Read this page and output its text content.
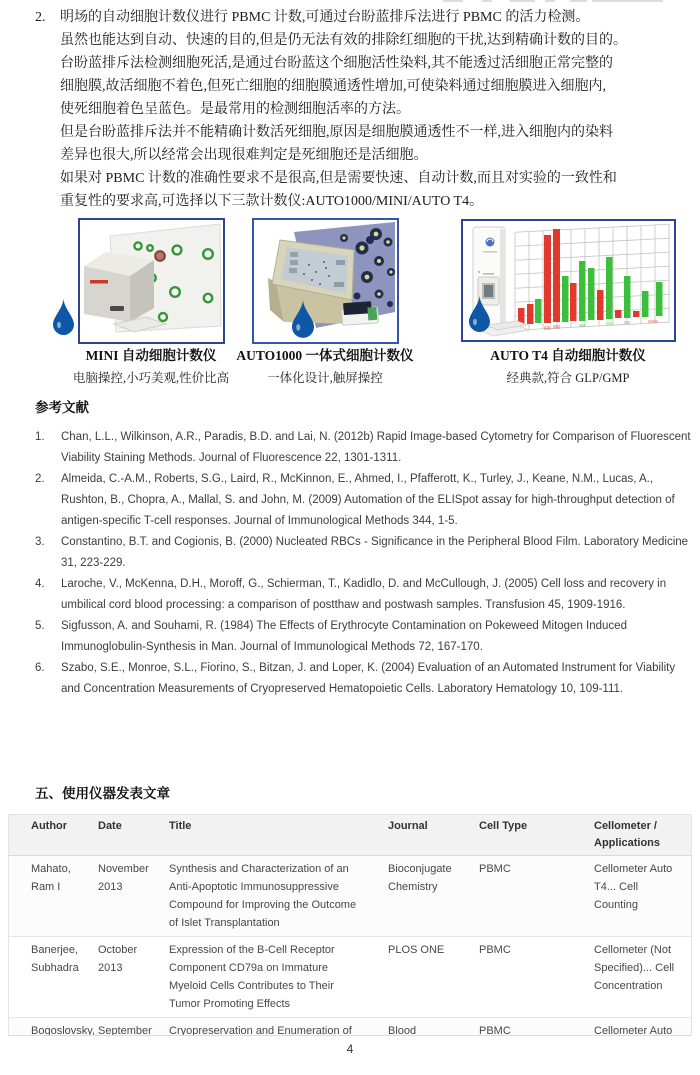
2.	明场的自动细胞计数仪进行 PBMC 计数,可通过台盼蓝排斥法进行 PBMC 的活力检测。
虽然也能达到自动、快速的目的,但是仍无法有效的排除红细胞的干扰,达到精确计数的目的。
台盼蓝排斥法检测细胞死活,是通过台盼蓝这个细胞活性染料,其不能透过活细胞正常完整的
细胞膜,故活细胞不着色,但死亡细胞的细胞膜通透性增加,可使染料通过细胞膜进入细胞内,
使死细胞着色呈蓝色。是最常用的检测细胞活率的方法。
但是台盼蓝排斥法并不能精确计数活死细胞,原因是细胞膜通透性不一样,进入细胞内的染料
差异也很大,所以经常会出现很难判定是死细胞还是活细胞。
如果对 PBMC 计数的准确性要求不是很高,但是需要快速、自动计数,而且对实验的一致性和
重复性的要求高,可选择以下三款计数仪:AUTO1000/MINI/AUTO T4。
MINI 自动细胞计数仪
电脑操控,小巧美观,性价比高
AUTO1000 一体式细胞计数仪
一体化设计,触屏操控
AUTO T4 自动细胞计数仪
经典款,符合 GLP/GMP
参考文献
1.	Chan, L.L., Wilkinson, A.R., Paradis, B.D. and Lai, N. (2012b) Rapid Image-based Cytometry for Comparison of Fluorescent Viability Staining Methods. Journal of Fluorescence 22, 1301-1311.
2.	Almeida, C.-A.M., Roberts, S.G., Laird, R., McKinnon, E., Ahmed, I., Pfafferott, K., Turley, J., Keane, N.M., Lucas, A., Rushton, B., Chopra, A., Mallal, S. and John, M. (2009) Automation of the ELISpot assay for high-throughput detection of antigen-specific T-cell responses. Journal of Immunological Methods 344, 1-5.
3.	Constantino, B.T. and Cogionis, B. (2000) Nucleated RBCs - Significance in the Peripheral Blood Film. Laboratory Medicine 31, 223-229.
4.	Laroche, V., McKenna, D.H., Moroff, G., Schierman, T., Kadidlo, D. and McCullough, J. (2005) Cell loss and recovery in umbilical cord blood processing: a comparison of postthaw and postwash samples. Transfusion 45, 1909-1916.
5.	Sigfusson, A. and Souhami, R. (1984) The Effects of Erythrocyte Contamination on Pokeweed Mitogen Induced Immunoglobulin-Synthesis in Man. Journal of Immunological Methods 72, 167-170.
6.	Szabo, S.E., Monroe, S.L., Fiorino, S., Bitzan, J. and Loper, K. (2004) Evaluation of an Automated Instrument for Viability and Concentration Measurements of Cryopreserved Hematopoietic Cells. Laboratory Hematology 10, 109-111.
五、使用仪器发表文章
Author	Date	Title	Journal	Cell Type	Cellometer / Applications
Mahato, Ram I	November 2013	Synthesis and Characterization of an Anti-Apoptotic Immunosuppressive Compound for Improving the Outcome of Islet Transplantation	Bioconjugate Chemistry	PBMC	Cellometer Auto T4... Cell Counting
Banerjee, Subhadra	October 2013	Expression of the B-Cell Receptor Component CD79a on Immature Myeloid Cells Contributes to Their Tumor Promoting Effects	PLOS ONE	PBMC	Cellometer (Not Specified)... Cell Concentration
Bogoslovsky,	September	Cryopreservation and Enumeration of	Blood	PBMC	Cellometer Auto
4
